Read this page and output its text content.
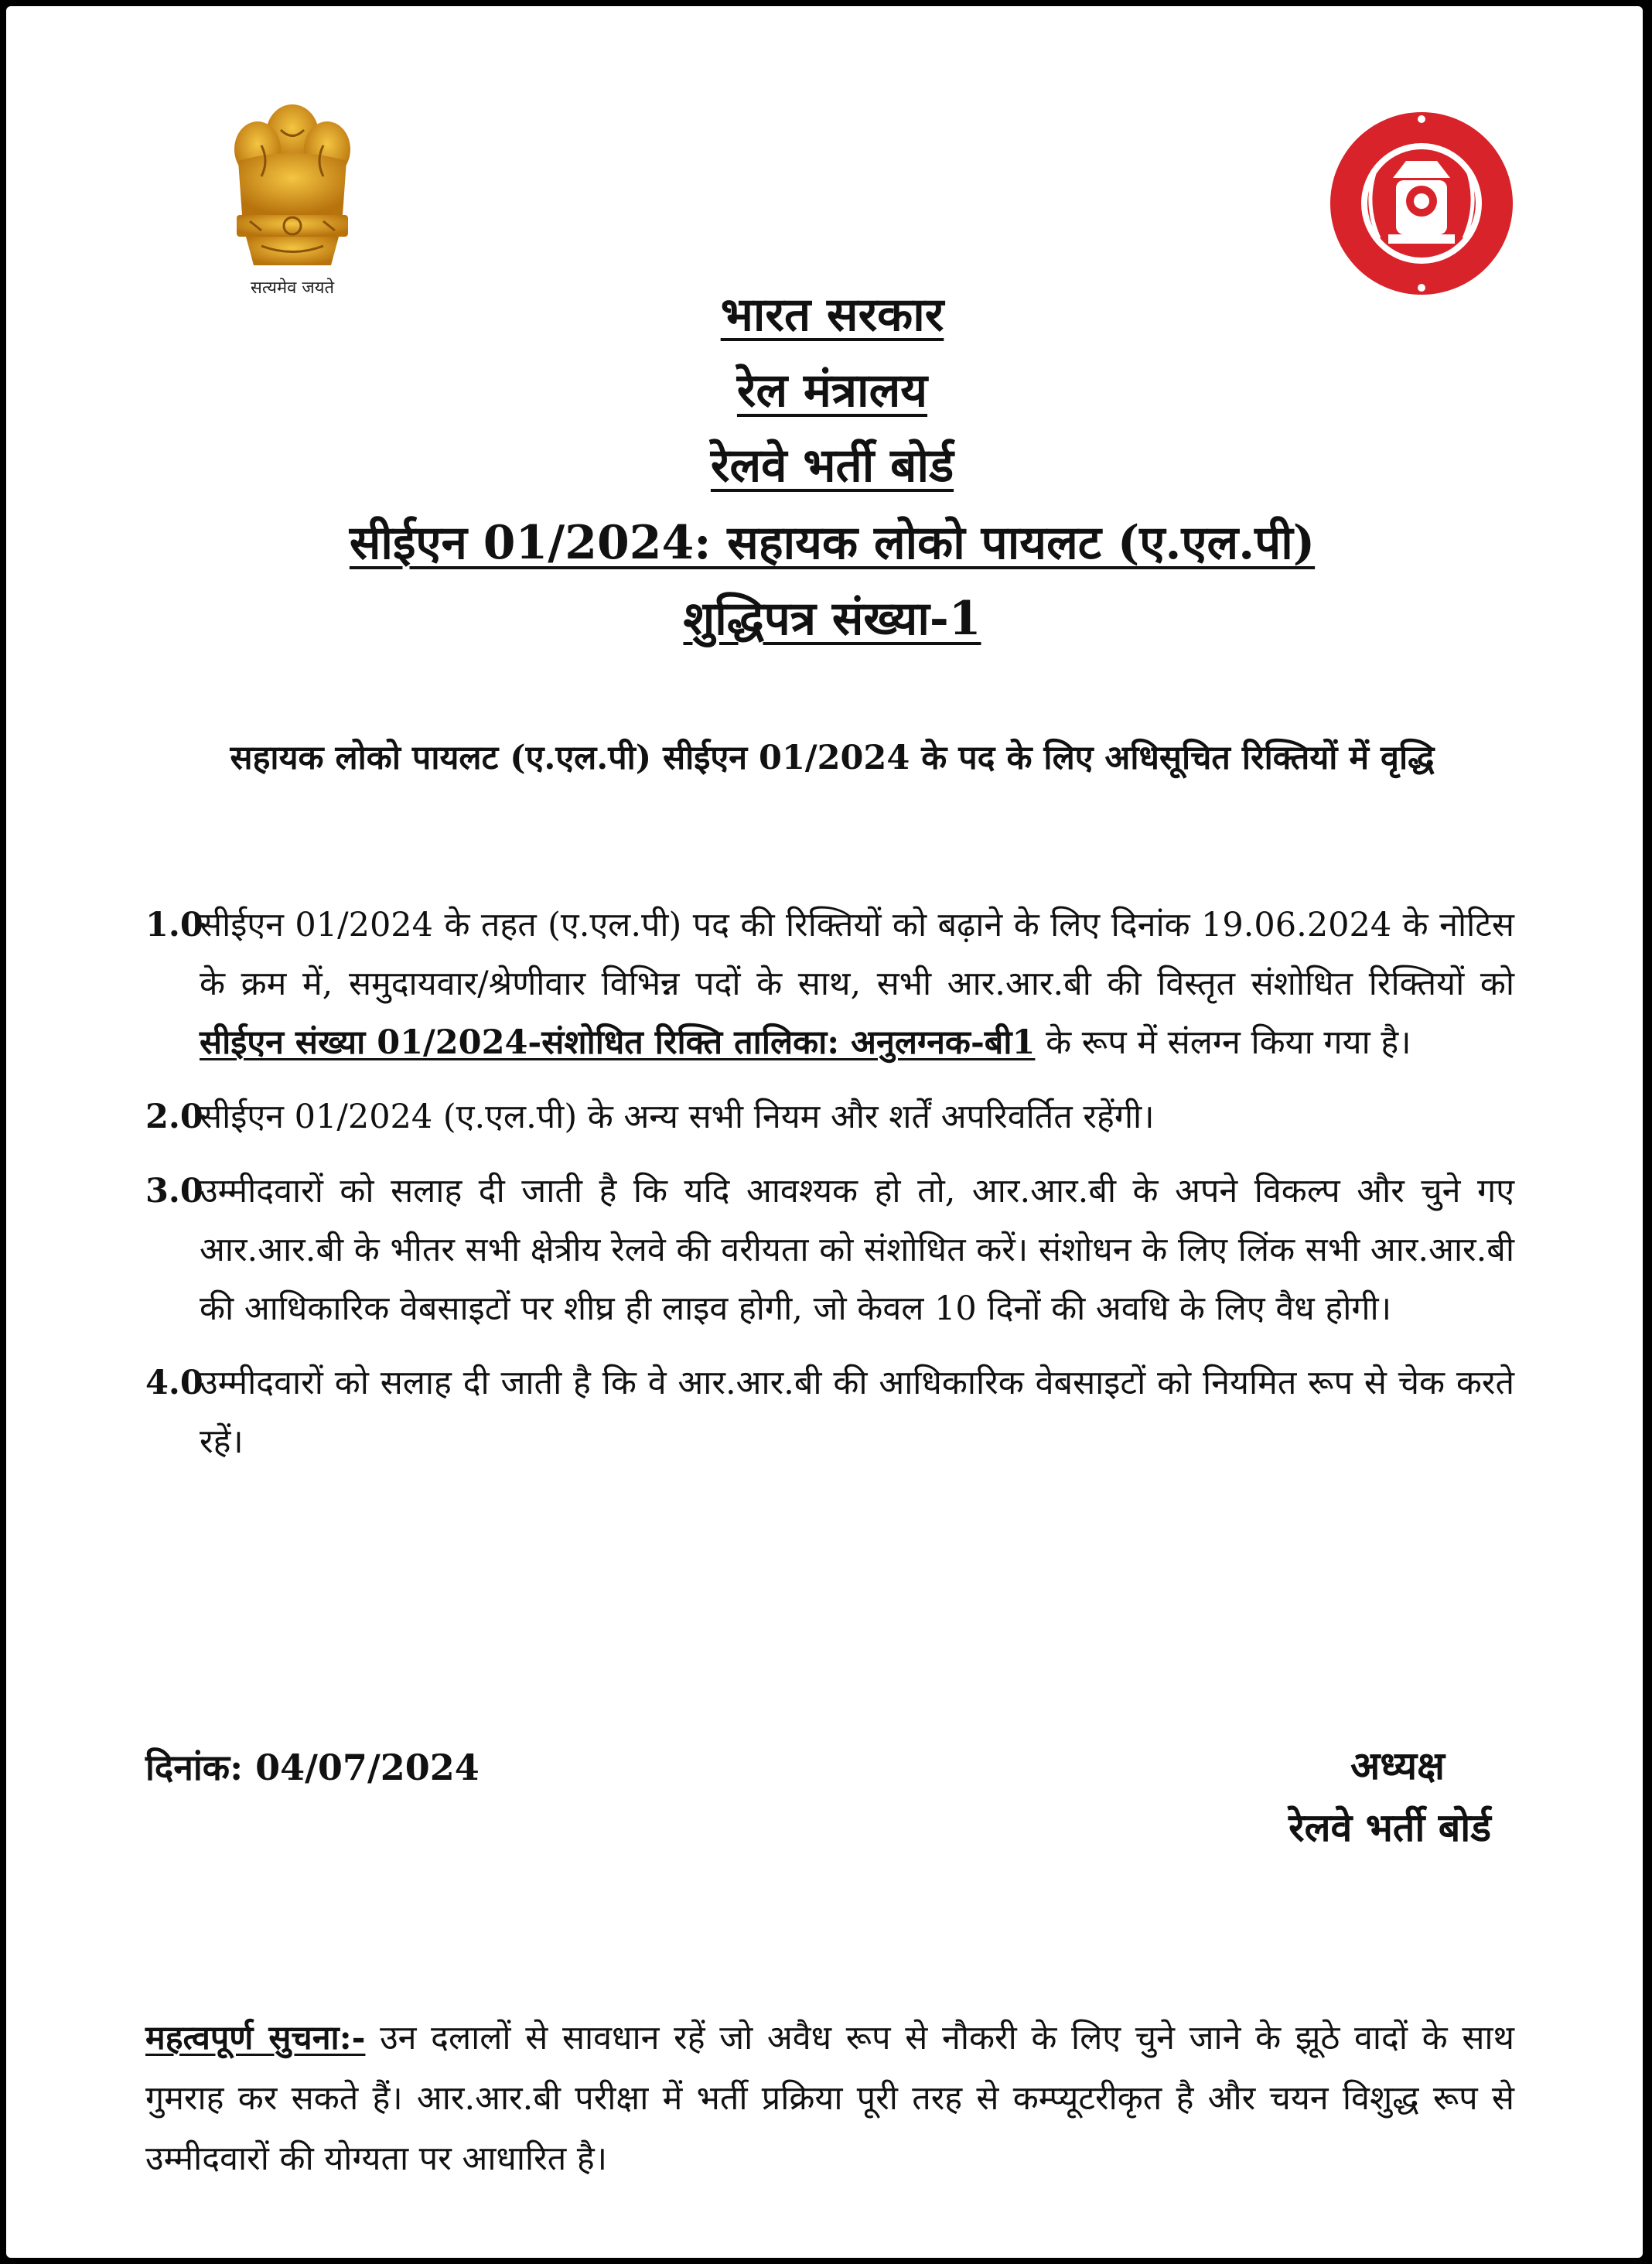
सत्यमेव जयते	भारत सरकार
रेल मंत्रालय
रेलवे भर्ती बोर्ड
सीईएन 01/2024: सहायक लोको पायलट (ए.एल.पी)
शुद्धिपत्र संख्या-1

सहायक लोको पायलट (ए.एल.पी) सीईएन 01/2024 के पद के लिए अधिसूचित रिक्तियों में वृद्धि

1.0
सीईएन 01/2024 के तहत (ए.एल.पी) पद की रिक्तियों को बढ़ाने के लिए दिनांक 19.06.2024 के नोटिस के क्रम में, समुदायवार/श्रेणीवार विभिन्न पदों के साथ, सभी आर.आर.बी की विस्तृत संशोधित रिक्तियों को सीईएन संख्या 01/2024-संशोधित रिक्ति तालिका: अनुलग्नक-बी1 के रूप में संलग्न किया गया है।
2.0
सीईएन 01/2024 (ए.एल.पी) के अन्य सभी नियम और शर्तें अपरिवर्तित रहेंगी।
3.0
उम्मीदवारों को सलाह दी जाती है कि यदि आवश्यक हो तो, आर.आर.बी के अपने विकल्प और चुने गए आर.आर.बी के भीतर सभी क्षेत्रीय रेलवे की वरीयता को संशोधित करें। संशोधन के लिए लिंक सभी आर.आर.बी की आधिकारिक वेबसाइटों पर शीघ्र ही लाइव होगी, जो केवल 10 दिनों की अवधि के लिए वैध होगी।
4.0
उम्मीदवारों को सलाह दी जाती है कि वे आर.आर.बी की आधिकारिक वेबसाइटों को नियमित रूप से चेक करते रहें।
दिनांक: 04/07/2024	अध्यक्ष
रेलवे भर्ती बोर्ड

महत्वपूर्ण सुचना:- उन दलालों से सावधान रहें जो अवैध रूप से नौकरी के लिए चुने जाने के झूठे वादों के साथ गुमराह कर सकते हैं। आर.आर.बी परीक्षा में भर्ती प्रक्रिया पूरी तरह से कम्प्यूटरीकृत है और चयन विशुद्ध रूप से उम्मीदवारों की योग्यता पर आधारित है।
